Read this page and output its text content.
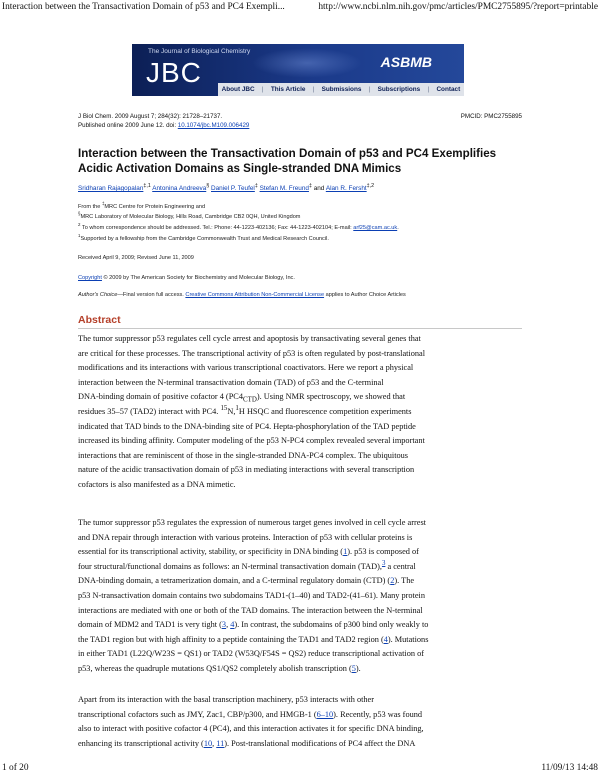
Interaction between the Transactivation Domain of p53 and PC4 Exempli...	http://www.ncbi.nlm.nih.gov/pmc/articles/PMC2755895/?report=printable
1 of 20	11/09/13 14:48
The Journal of Biological Chemistry
JBC	ASBMB
About JBC | This Article | Submissions | Subscriptions | Contact
J Biol Chem. 2009 August 7; 284(32): 21728–21737.
Published online 2009 June 12. doi: 10.1074/jbc.M109.006429
PMCID: PMC2755895
Interaction between the Transactivation Domain of p53 and PC4 Exemplifies
Acidic Activation Domains as Single-stranded DNA Mimics
Sridharan Rajagopalan$^{\ddagger,1}$ Antonina Andreeva§ Daniel P. Teufel‡ Stefan M. Freund‡ and Alan R. Fersht$^{\ddagger,2}$
From the ‡MRC Centre for Protein Engineering and
§MRC Laboratory of Molecular Biology, Hills Road, Cambridge CB2 0QH, United Kingdom
$^2$ To whom correspondence should be addressed. Tel.: Phone: 44-1223-402136; Fax: 44-1223-402104; E-mail: arf25@cam.ac.uk.
$^1$Supported by a fellowship from the Cambridge Commonwealth Trust and Medical Research Council.
Received April 9, 2009; Revised June 11, 2009
Copyright © 2009 by The American Society for Biochemistry and Molecular Biology, Inc.
Author's Choice—Final version full access. Creative Commons Attribution Non-Commercial License applies to Author Choice Articles
Abstract
The tumor suppressor p53 regulates cell cycle arrest and apoptosis by transactivating several genes that
are critical for these processes. The transcriptional activity of p53 is often regulated by post-translational
modifications and its interactions with various transcriptional coactivators. Here we report a physical
interaction between the N-terminal transactivation domain (TAD) of p53 and the C-terminal
DNA-binding domain of positive cofactor 4 $(PC4_{CTD})$. Using NMR spectroscopy, we showed that
residues 35–57 (TAD2) interact with PC4. $^{15}$N,$^1$H HSQC and fluorescence competition experiments
indicated that TAD binds to the DNA-binding site of PC4. Hepta-phosphorylation of the TAD peptide
increased its binding affinity. Computer modeling of the p53 N-PC4 complex revealed several important
interactions that are reminiscent of those in the single-stranded DNA-PC4 complex. The ubiquitous
nature of the acidic transactivation domain of p53 in mediating interactions with several transcription
cofactors is also manifested as a DNA mimetic.
The tumor suppressor p53 regulates the expression of numerous target genes involved in cell cycle arrest
and DNA repair through interaction with various proteins. Interaction of p53 with cellular proteins is
essential for its transcriptional activity, stability, or specificity in DNA binding (1). p53 is composed of
four structural/functional domains as follows: an N-terminal transactivation domain (TAD),$^3$ a central
DNA-binding domain, a tetramerization domain, and a C-terminal regulatory domain (CTD) (2). The
p53 N-transactivation domain contains two subdomains TAD1-(1–40) and TAD2-(41–61). Many protein
interactions are mediated with one or both of the TAD domains. The interaction between the N-terminal
domain of MDM2 and TAD1 is very tight (3, 4). In contrast, the subdomains of p300 bind only weakly to
the TAD1 region but with high affinity to a peptide containing the TAD1 and TAD2 region (4). Mutations
in either TAD1 (L22Q/W23S = QS1) or TAD2 (W53Q/F54S = QS2) reduce transcriptional activation of
p53, whereas the quadruple mutations QS1/QS2 completely abolish transcription (5).
Apart from its interaction with the basal transcription machinery, p53 interacts with other
transcriptional cofactors such as JMY, Zac1, CBP/p300, and HMGB-1 (6–10). Recently, p53 was found
also to interact with positive cofactor 4 (PC4), and this interaction activates it for specific DNA binding,
enhancing its transcriptional activity (10, 11). Post-translational modifications of PC4 affect the DNA
